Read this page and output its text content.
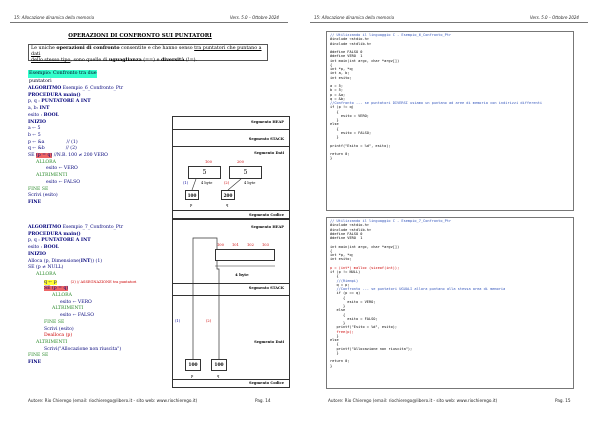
15: Allocazione dinamica della memoria	Vers. 5.0 – Ottobre 2024
OPERAZIONI DI CONFRONTO SUI PUNTATORI
Le uniche operazioni di confronto consentite e che hanno senso tra puntatori che puntano a dati
dello stesso tipo, sono quelle di uguaglianza (==) e diversità (!=).
Esempio: Confronto tra due puntatori
ALGORITMO Esempio_6_Confronto_Ptr
PROCEDURA main()
p, q : PUNTATORE A INT
a, b: INT
esito : BOOL
INIZIO
a ← 5
b ← 5
p ← &a	// (1)
q ← &b	// (2)
SE (p = q) //N.B. 100 ≠ 200 VERO
ALLORA
esito ← VERO
ALTRIMENTI
esito ← FALSO
FINE SE
Scrivi (esito)
FINE
Segmento HEAP
Segmento STACK
Segmento Dati
100	200
5	5
(1)	4 byte	(2)	4 byte
100	200
p	q
Segmento Codice
ALGORITMO Esempio_7_Confronto_Ptr
PROCEDURA main()
p, q : PUNTATORE A INT
esito : BOOL
INIZIO
Alloca (p, Dimensione(INT)) (1)
SE (p ≠ NULL)
ALLORA
q ← p	(2) // ASSEGNAZIONE tra puntatori
SE (p = q)
ALLORA
esito ← VERO
ALTRIMENTI
esito ← FALSO
FINE SE
Scrivi (esito)
Dealloca (p)
ALTRIMENTI
Scrivi("Allocazione non riuscita")
FINE SE
FINE
Segmento HEAP
100 101 102 103
4 byte
Segmento STACK
(1)	(2)
Segmento Dati
100	100
p	q
Segmento Codice
Autore: Rio Chierego (email: riochierego@libero.it - sito web: www.riochierego.it)	Pag. 14
15: Allocazione dinamica della memoria	Vers. 5.0 – Ottobre 2024
Autore: Rio Chierego (email: riochierego@libero.it - sito web: www.riochierego.it)	Pag. 15
// Utilizzando il linguaggio C - Esempio_6_Confronto_Ptr
#include <stdio.h>
#include <stdlib.h>

#define FALSO 0
#define VERO  1
int main(int argc, char *argv[])
{
int *p, *q;
int a, b;
int esito;

a = 5;
b = 5;
p = &a;
q = &b;
//Confronto --- se puntatori DIVERSI usiamo un puntano ad aree di memoria con indirizzi differenti
if (p != q)
{
esito = VERO;
}
else
{
esito = FALSO;
}

printf("Esito = %d", esito);

return 0;
}
// Utilizzando il linguaggio C - Esempio_7_Confronto_Ptr
#include <stdio.h>
#include <stdlib.h>
#define FALSO 0
#define VERO  1

int main(int argc, char *argv[])
{
int *p, *q;
int esito;

p = (int*) malloc (sizeof(int));
if (p != NULL)
{
//(Riempi)
q = p;
//Confronto --- se puntatori UGUALI allora puntano alla stessa area di memoria
if (p == q)
{
esito = VERO;
}
else
{
esito = FALSO;
}
printf("Esito = %d", esito);
free(p);
}
else
{
printf("Allocazione non riuscita");
}

return 0;
}
